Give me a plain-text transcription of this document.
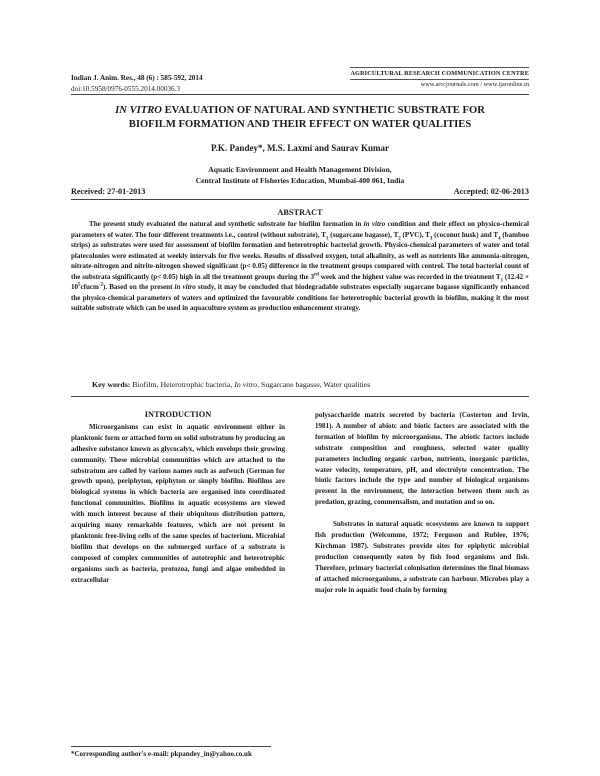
Indian J. Anim. Res., 48 (6) : 585-592, 2014
doi:10.5958/0976-0555.2014.00036.3
AGRICULTURAL RESEARCH COMMUNICATION CENTRE
www.arccjournals.com / www.ijaronline.in
IN VITRO EVALUATION OF NATURAL AND SYNTHETIC SUBSTRATE FOR
BIOFILM FORMATION AND THEIR EFFECT ON WATER QUALITIES
P.K. Pandey*, M.S. Laxmi and Saurav Kumar
Aquatic Environment and Health Management Division,
Central Institute of Fisheries Education, Mumbai-400 061, India
Received: 27-01-2013	Accepted: 02-06-2013
ABSTRACT
The present study evaluated the natural and synthetic substrate for biofilm formation in in vitro condition and their effect on physico-chemical parameters of water. The four different treatments i.e., control (without substrate), $T_1$ (sugarcane bagasse), $T_2$ (PVC), $T_3$ (coconut husk) and $T_4$ (bamboo strips) as substrates were used for assessment of biofilm formation and heterotrophic bacterial growth. Physico-chemical parameters of water and total platecolonies were estimated at weekly intervals for five weeks. Results of dissolved oxygen, total alkalinity, as well as nutrients like ammonia-nitrogen, nitrate-nitrogen and nitrite-nitrogen showed significant (p< 0.05) difference in the treatment groups compared with control. The total bacterial count of the substrata significantly (p< 0.05) high in all the treatment groups during the 3rd week and the highest value was recorded in the treatment $T_1$ $(12.42 \times 10^5cfucm^{-2})$. Based on the present in vitro study, it may be concluded that biodegradable substrates especially sugarcane bagasse significantly enhanced the physico-chemical parameters of waters and optimized the favourable conditions for heterotrophic bacterial growth in biofilm, making it the most suitable substrate which can be used in aquaculture system as production enhancement strategy.
Key words: Biofilm, Heterotrophic bacteria, In vitro, Sugarcane bagasse, Water qualities

INTRODUCTION

Microorganisms can exist in aquatic environment either in planktonic form or attached form on solid substratum by producing an adhesive substance known as glycocalyx, which envelops their growing community. These microbial communities which are attached to the substratum are called by various names such as aufwuch (German for growth upon), periphyton, epiphyton or simply biofilm. Biofilms are biological systems in which bacteria are organised into coordinated functional communities. Biofilms in aquatic ecosystems are viewed with much interest because of their ubiquitous distribution pattern, acquiring many remarkable features, which are not present in planktonic free-living cells of the same species of bacterium. Microbial biofilm that develops on the submerged surface of a substrate is composed of complex communities of autotrophic and heterotrophic organisms such as bacteria, protozoa, fungi and algae embedded in extracellular

polysaccharide matrix secreted by bacteria (Costerton and Irvin, 1981). A number of abiotc and biotic factors are associated with the formation of biofilm by microorganisms. The abiotic factors include substrate composition and roughness, selected water quality parameters including organic carbon, nutrients, inorganic particles, water velocity, temperature, pH, and electrolyte concentration. The biotic factors include the type and number of biological organisms present in the environment, the interaction between them such as predation, grazing, commensalism, and mutation and so on.

Substrates in natural aquatic ecosystems are known to support fish production (Welcomme, 1972; Ferguson and Rublee, 1976; Kirchman 1987). Substrates provide sites for epiphytic microbial production consequently eaten by fish food organisms and fish. Therefore, primary bacterial colonisation determines the final biomass of attached microorganisms, a substrate can harbour. Microbes play a major role in aquatic food chain by forming

*Corresponding author's e-mail: pkpandey_in@yahoo.co.uk
